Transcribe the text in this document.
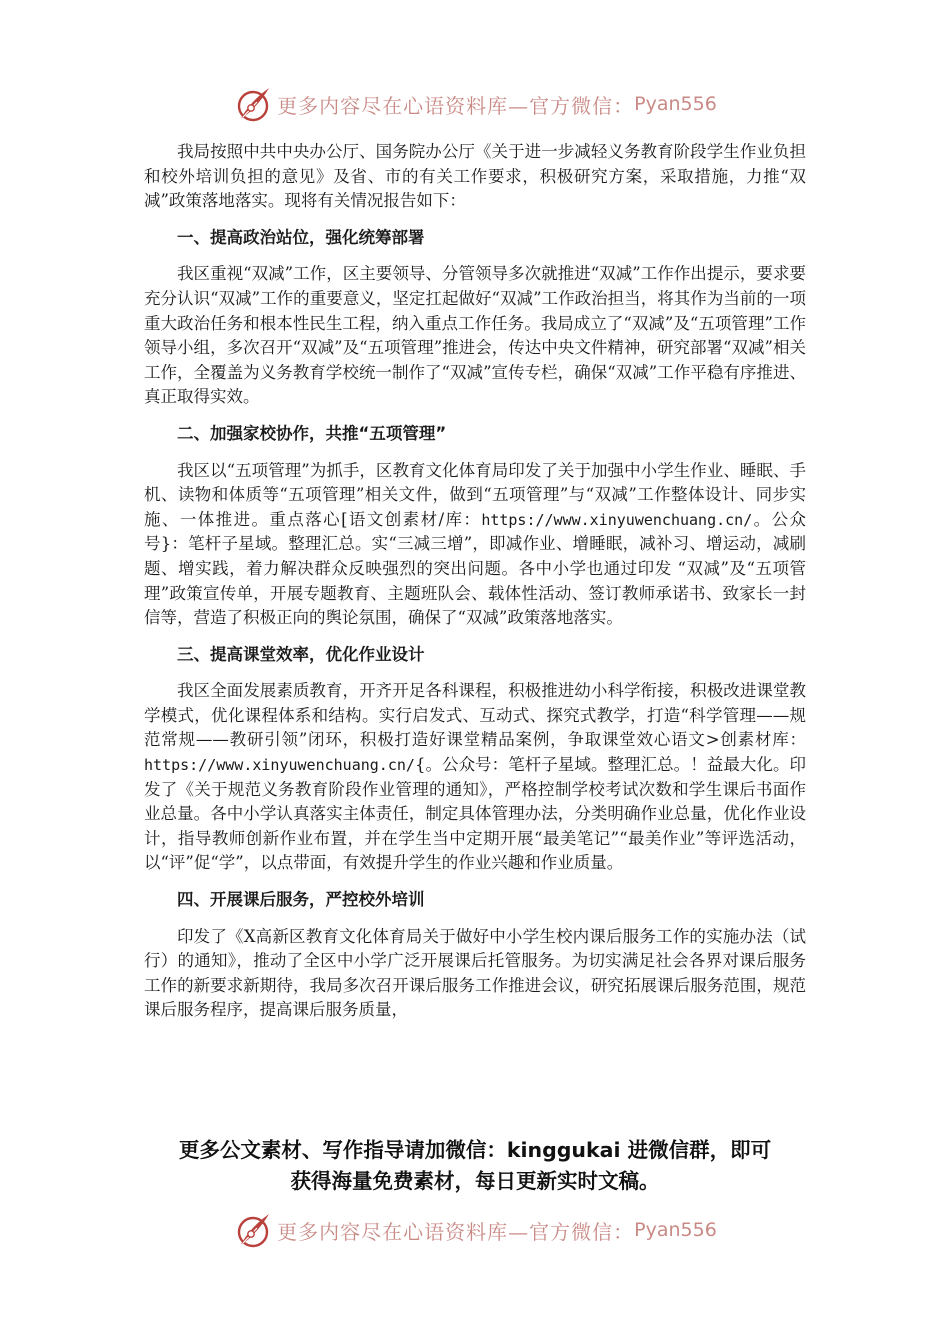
更多内容尽在心语资料库—官方微信： Pyan556

我局按照中共中央办公厅、国务院办公厅《关于进一步减轻义务教育阶段学生作业负担和校外培训负担的意见》及省、市的有关工作要求，积极研究方案，采取措施，力推“双减”政策落地落实。现将有关情况报告如下：

一、提高政治站位，强化统筹部署

我区重视“双减”工作，区主要领导、分管领导多次就推进“双减”工作作出提示，要求要充分认识“双减”工作的重要意义，坚定扛起做好“双减”工作政治担当，将其作为当前的一项重大政治任务和根本性民生工程，纳入重点工作任务。我局成立了“双减”及“五项管理”工作领导小组，多次召开“双减”及“五项管理”推进会，传达中央文件精神，研究部署“双减”相关工作，全覆盖为义务教育学校统一制作了“双减”宣传专栏，确保“双减”工作平稳有序推进、真正取得实效。

二、加强家校协作，共推“五项管理”

我区以“五项管理”为抓手，区教育文化体育局印发了关于加强中小学生作业、睡眠、手机、读物和体质等“五项管理”相关文件，做到“五项管理”与“双减”工作整体设计、同步实施、一体推进。重点落心[语文创素材/库：https://www.xinyuwenchuang.cn/。公众号}：笔杆子星域。整理汇总。实“三减三增”，即减作业、增睡眠，减补习、增运动，减刷题、增实践，着力解决群众反映强烈的突出问题。各中小学也通过印发 “双减”及“五项管理”政策宣传单，开展专题教育、主题班队会、载体性活动、签订教师承诺书、致家长一封信等，营造了积极正向的舆论氛围，确保了“双减”政策落地落实。

三、提高课堂效率，优化作业设计

我区全面发展素质教育，开齐开足各科课程，积极推进幼小科学衔接，积极改进课堂教学模式，优化课程体系和结构。实行启发式、互动式、探究式教学，打造“科学管理——规范常规——教研引领”闭环，积极打造好课堂精品案例，争取课堂效心语文>创素材库：https://www.xinyuwenchuang.cn/{。公众号：笔杆子星域。整理汇总。！益最大化。印发了《关于规范义务教育阶段作业管理的通知》，严格控制学校考试次数和学生课后书面作业总量。各中小学认真落实主体责任，制定具体管理办法，分类明确作业总量，优化作业设计，指导教师创新作业布置，并在学生当中定期开展“最美笔记”“最美作业”等评选活动，以“评”促“学”，以点带面，有效提升学生的作业兴趣和作业质量。

四、开展课后服务，严控校外培训

印发了《X高新区教育文化体育局关于做好中小学生校内课后服务工作的实施办法（试行）的通知》，推动了全区中小学广泛开展课后托管服务。为切实满足社会各界对课后服务工作的新要求新期待，我局多次召开课后服务工作推进会议，研究拓展课后服务范围，规范课后服务程序，提高课后服务质量，

更多公文素材、写作指导请加微信：kinggukai 进微信群，即可
获得海量免费素材，每日更新实时文稿。
更多内容尽在心语资料库—官方微信： Pyan556
